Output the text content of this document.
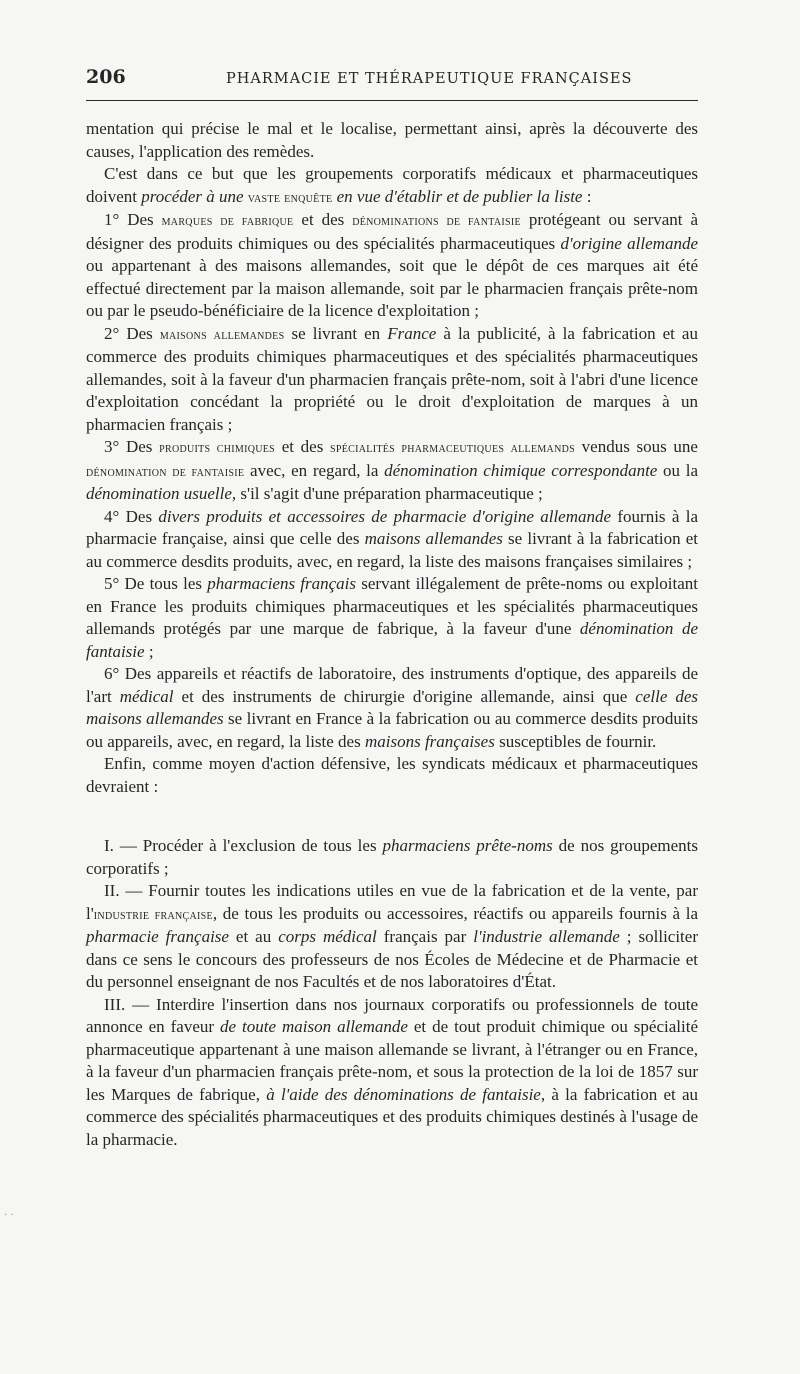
206	PHARMACIE ET THÉRAPEUTIQUE FRANÇAISES

mentation qui précise le mal et le localise, permettant ainsi, après la découverte des causes, l'application des remèdes.

C'est dans ce but que les groupements corporatifs médicaux et pharmaceutiques doivent procéder à une vaste enquête en vue d'établir et de publier la liste :

1° Des marques de fabrique et des dénominations de fantaisie protégeant ou servant à désigner des produits chimiques ou des spécialités pharmaceutiques d'origine allemande ou appartenant à des maisons allemandes, soit que le dépôt de ces marques ait été effectué directement par la maison allemande, soit par le pharmacien français prête-nom ou par le pseudo-bénéficiaire de la licence d'exploitation ;

2° Des maisons allemandes se livrant en France à la publicité, à la fabrication et au commerce des produits chimiques pharmaceutiques et des spécialités pharmaceutiques allemandes, soit à la faveur d'un pharmacien français prête-nom, soit à l'abri d'une licence d'exploitation concédant la propriété ou le droit d'exploitation de marques à un pharmacien français ;

3° Des produits chimiques et des spécialités pharmaceutiques allemands vendus sous une dénomination de fantaisie avec, en regard, la dénomination chimique correspondante ou la dénomination usuelle, s'il s'agit d'une préparation pharmaceutique ;

4° Des divers produits et accessoires de pharmacie d'origine allemande fournis à la pharmacie française, ainsi que celle des maisons allemandes se livrant à la fabrication et au commerce desdits produits, avec, en regard, la liste des maisons françaises similaires ;

5° De tous les pharmaciens français servant illégalement de prête-noms ou exploitant en France les produits chimiques pharmaceutiques et les spécialités pharmaceutiques allemands protégés par une marque de fabrique, à la faveur d'une dénomination de fantaisie ;

6° Des appareils et réactifs de laboratoire, des instruments d'optique, des appareils de l'art médical et des instruments de chirurgie d'origine allemande, ainsi que celle des maisons allemandes se livrant en France à la fabrication ou au commerce desdits produits ou appareils, avec, en regard, la liste des maisons françaises susceptibles de fournir.

Enfin, comme moyen d'action défensive, les syndicats médicaux et pharmaceutiques devraient :

I. — Procéder à l'exclusion de tous les pharmaciens prête-noms de nos groupements corporatifs ;

II. — Fournir toutes les indications utiles en vue de la fabrication et de la vente, par l'industrie française, de tous les produits ou accessoires, réactifs ou appareils fournis à la pharmacie française et au corps médical français par l'industrie allemande ; solliciter dans ce sens le concours des professeurs de nos Écoles de Médecine et de Pharmacie et du personnel enseignant de nos Facultés et de nos laboratoires d'État.

III. — Interdire l'insertion dans nos journaux corporatifs ou professionnels de toute annonce en faveur de toute maison allemande et de tout produit chimique ou spécialité pharmaceutique appartenant à une maison allemande se livrant, à l'étranger ou en France, à la faveur d'un pharmacien français prête-nom, et sous la protection de la loi de 1857 sur les Marques de fabrique, à l'aide des dénominations de fantaisie, à la fabrication et au commerce des spécialités pharmaceutiques et des produits chimiques destinés à l'usage de la pharmacie.

· ·
